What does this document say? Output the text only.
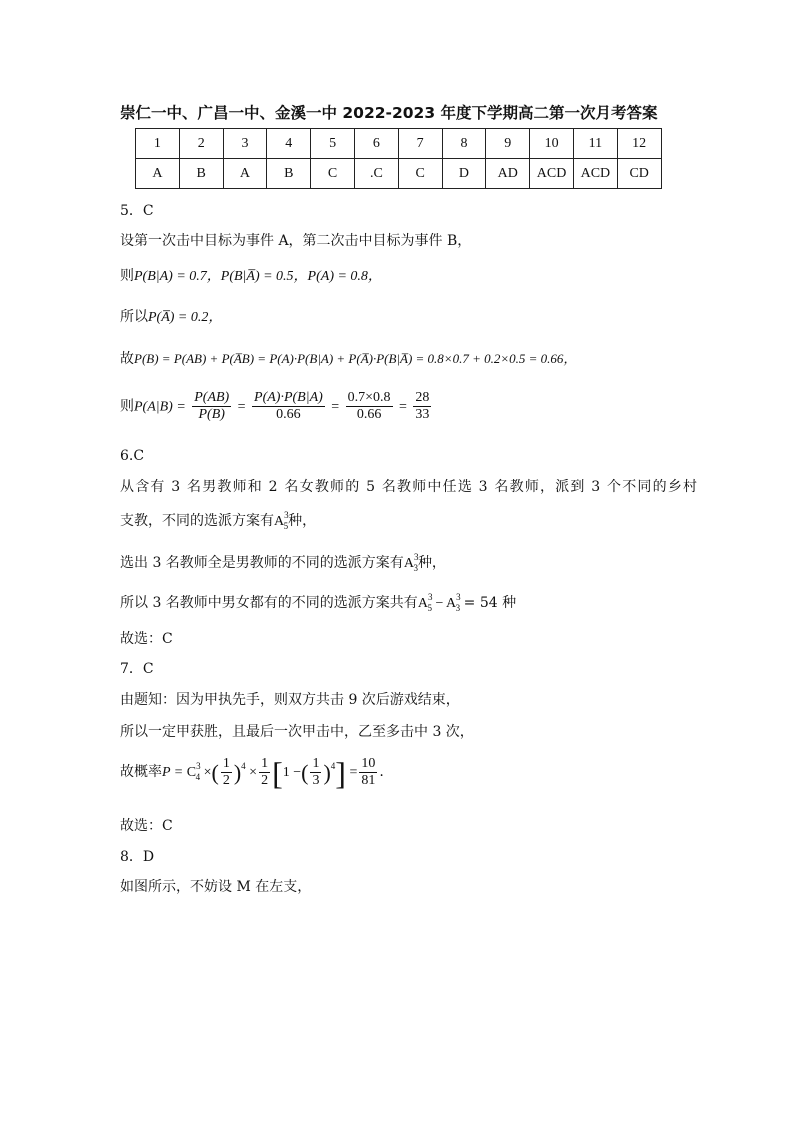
崇仁一中、广昌一中、金溪一中 2022-2023 年度下学期高二第一次月考答案
1	2	3	4	5	6	7	8	9	10	11	12
A	B	A	B	C	.C	C	D	AD	ACD	ACD	CD
5．C
设第一次击中目标为事件 A，第二次击中目标为事件 B，
则P(B|A) = 0.7，P(B|A̅) = 0.5，P(A) = 0.8，
所以P(A̅) = 0.2，
故P(B) = P(AB) + P(A̅B) = P(A)·P(B|A) + P(A̅)·P(B|A̅) = 0.8×0.7 + 0.2×0.5 = 0.66，
则$P(A|B) = \frac{P(AB)}{P(B)} = \frac{P(A)\cdot P(B|A)}{0.66} = \frac{0.7\times 0.8}{0.66} = \frac{28}{33}$
6.C
从含有 3 名男教师和 2 名女教师的 5 名教师中任选 3 名教师，派到 3 个不同的乡村
支教，不同的选派方案有$A^3_5$种，
选出 3 名教师全是男教师的不同的选派方案有$A^3_3$种，
所以 3 名教师中男女都有的不同的选派方案共有$A^3_5 - A^3_3 = 54$ 种
故选：C
7．C
由题知：因为甲执先手，则双方共击 9 次后游戏结束，
所以一定甲获胜，且最后一次甲击中，乙至多击中 3 次，
故概率$P = C^3_4$ ×( $\frac{1}{2} )^4 \times \frac{1}{2} [1$ −( $\frac{1}{3} )^4] = \frac{10}{81}$ .
故选：C
8．D
如图所示，不妨设 M 在左支，
